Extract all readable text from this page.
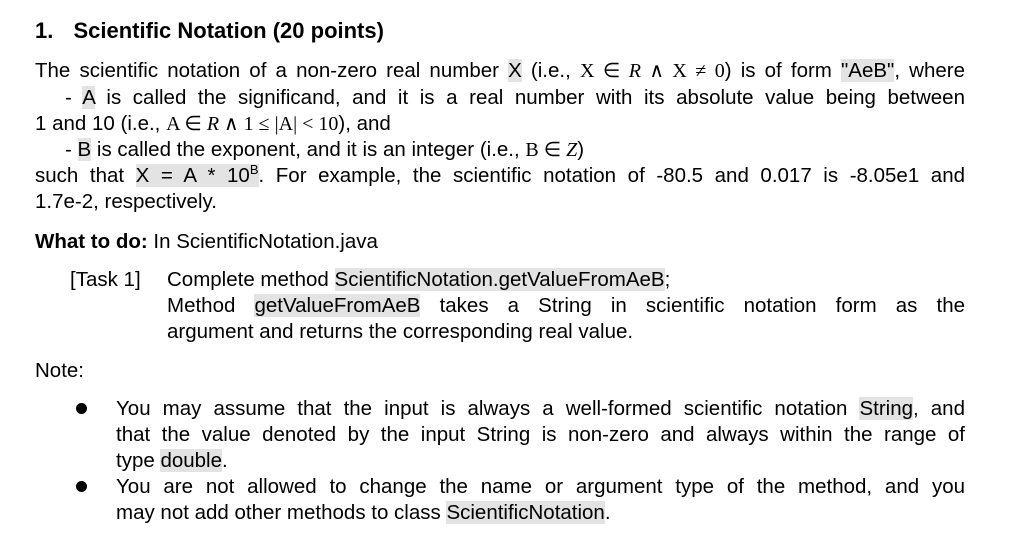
1. Scientific Notation (20 points)
The scientific notation of a non-zero real number X (i.e., X ∈ R ∧ X ≠ 0) is of form "AeB", where
- A is called the significand, and it is a real number with its absolute value being between
1 and 10 (i.e., A ∈ R ∧ 1 ≤ |A| < 10), and
- B is called the exponent, and it is an integer (i.e., B ∈ Z)
such that $X = A * 10^B$. For example, the scientific notation of -80.5 and 0.017 is -8.05e1 and
1.7e-2, respectively.
What to do: In ScientificNotation.java
[Task 1] Complete method ScientificNotation.getValueFromAeB;
Method getValueFromAeB takes a String in scientific notation form as the
argument and returns the corresponding real value.
Note:
You may assume that the input is always a well-formed scientific notation String, and
that the value denoted by the input String is non-zero and always within the range of
type double.
You are not allowed to change the name or argument type of the method, and you
may not add other methods to class ScientificNotation.
